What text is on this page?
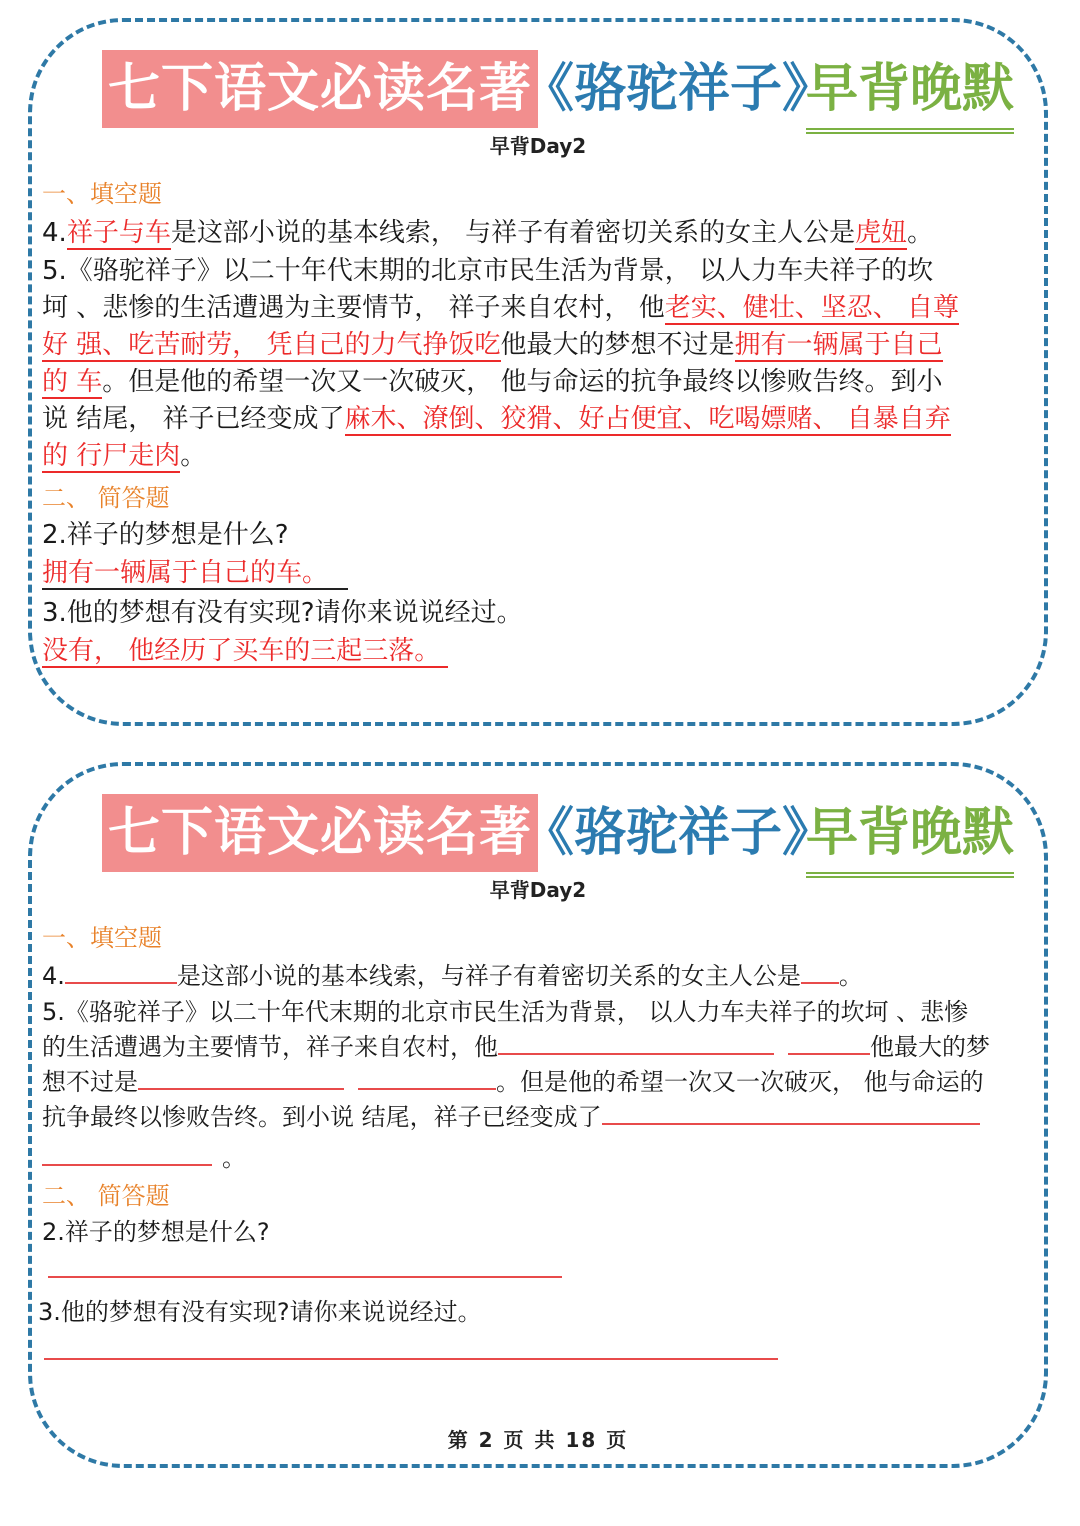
七下语文必读名著
《骆驼祥子》
早背晚默
早背Day2
一、填空题
4.祥子与车是这部小说的基本线索， 与祥子有着密切关系的女主人公是虎妞。
5.《骆驼祥子》以二十年代末期的北京市民生活为背景， 以人力车夫祥子的坎
坷 、悲惨的生活遭遇为主要情节， 祥子来自农村， 他老实、健壮、坚忍、 自尊
好 强、吃苦耐劳， 凭自己的力气挣饭吃他最大的梦想不过是拥有一辆属于自己
的 车。但是他的希望一次又一次破灭， 他与命运的抗争最终以惨败告终。到小
说 结尾， 祥子已经变成了麻木、潦倒、狡猾、好占便宜、吃喝嫖赌、 自暴自弃
的 行尸走肉。
二、 简答题
2.祥子的梦想是什么?
拥有一辆属于自己的车。
3.他的梦想有没有实现?请你来说说经过。
没有， 他经历了买车的三起三落。
七下语文必读名著
《骆驼祥子》
早背晚默
早背Day2
一、填空题
4.	是这部小说的基本线索，与祥子有着密切关系的女主人公是 。
5.《骆驼祥子》以二十年代末期的北京市民生活为背景， 以人力车夫祥子的坎坷 、悲惨
的生活遭遇为主要情节，祥子来自农村，他	他最大的梦
想不过是	。但是他的希望一次又一次破灭， 他与命运的
抗争最终以惨败告终。到小说 结尾，祥子已经变成了
。
二、 简答题
2.祥子的梦想是什么?
3.他的梦想有没有实现?请你来说说经过。
第 2 页 共 18 页
